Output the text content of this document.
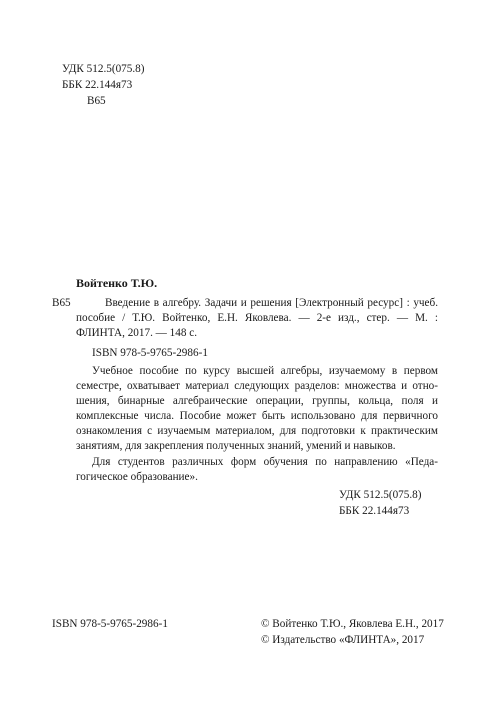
УДК 512.5(075.8)
ББК 22.144я73
В65
Войтенко Т.Ю.
В65	Введение в алгебру. Задачи и решения [Электронный ресурс] : учеб.
пособие / Т.Ю. Войтенко, Е.Н. Яковлева. — 2-е изд., стер. — М. :
ФЛИНТА, 2017. — 148 с.
ISBN 978-5-9765-2986-1
Учебное пособие по курсу высшей алгебры, изучаемому в первом
семестре, охватывает материал следующих разделов: множества и отно-
шения, бинарные алгебраические операции, группы, кольца, поля и
комплексные числа. Пособие может быть использовано для первичного
ознакомления с изучаемым материалом, для подготовки к практическим
занятиям, для закрепления полученных знаний, умений и навыков.
Для студентов различных форм обучения по направлению «Педа-
гогическое образование».
УДК 512.5(075.8)
ББК 22.144я73
ISBN 978-5-9765-2986-1	© Войтенко Т.Ю., Яковлева Е.Н., 2017
© Издательство «ФЛИНТА», 2017
